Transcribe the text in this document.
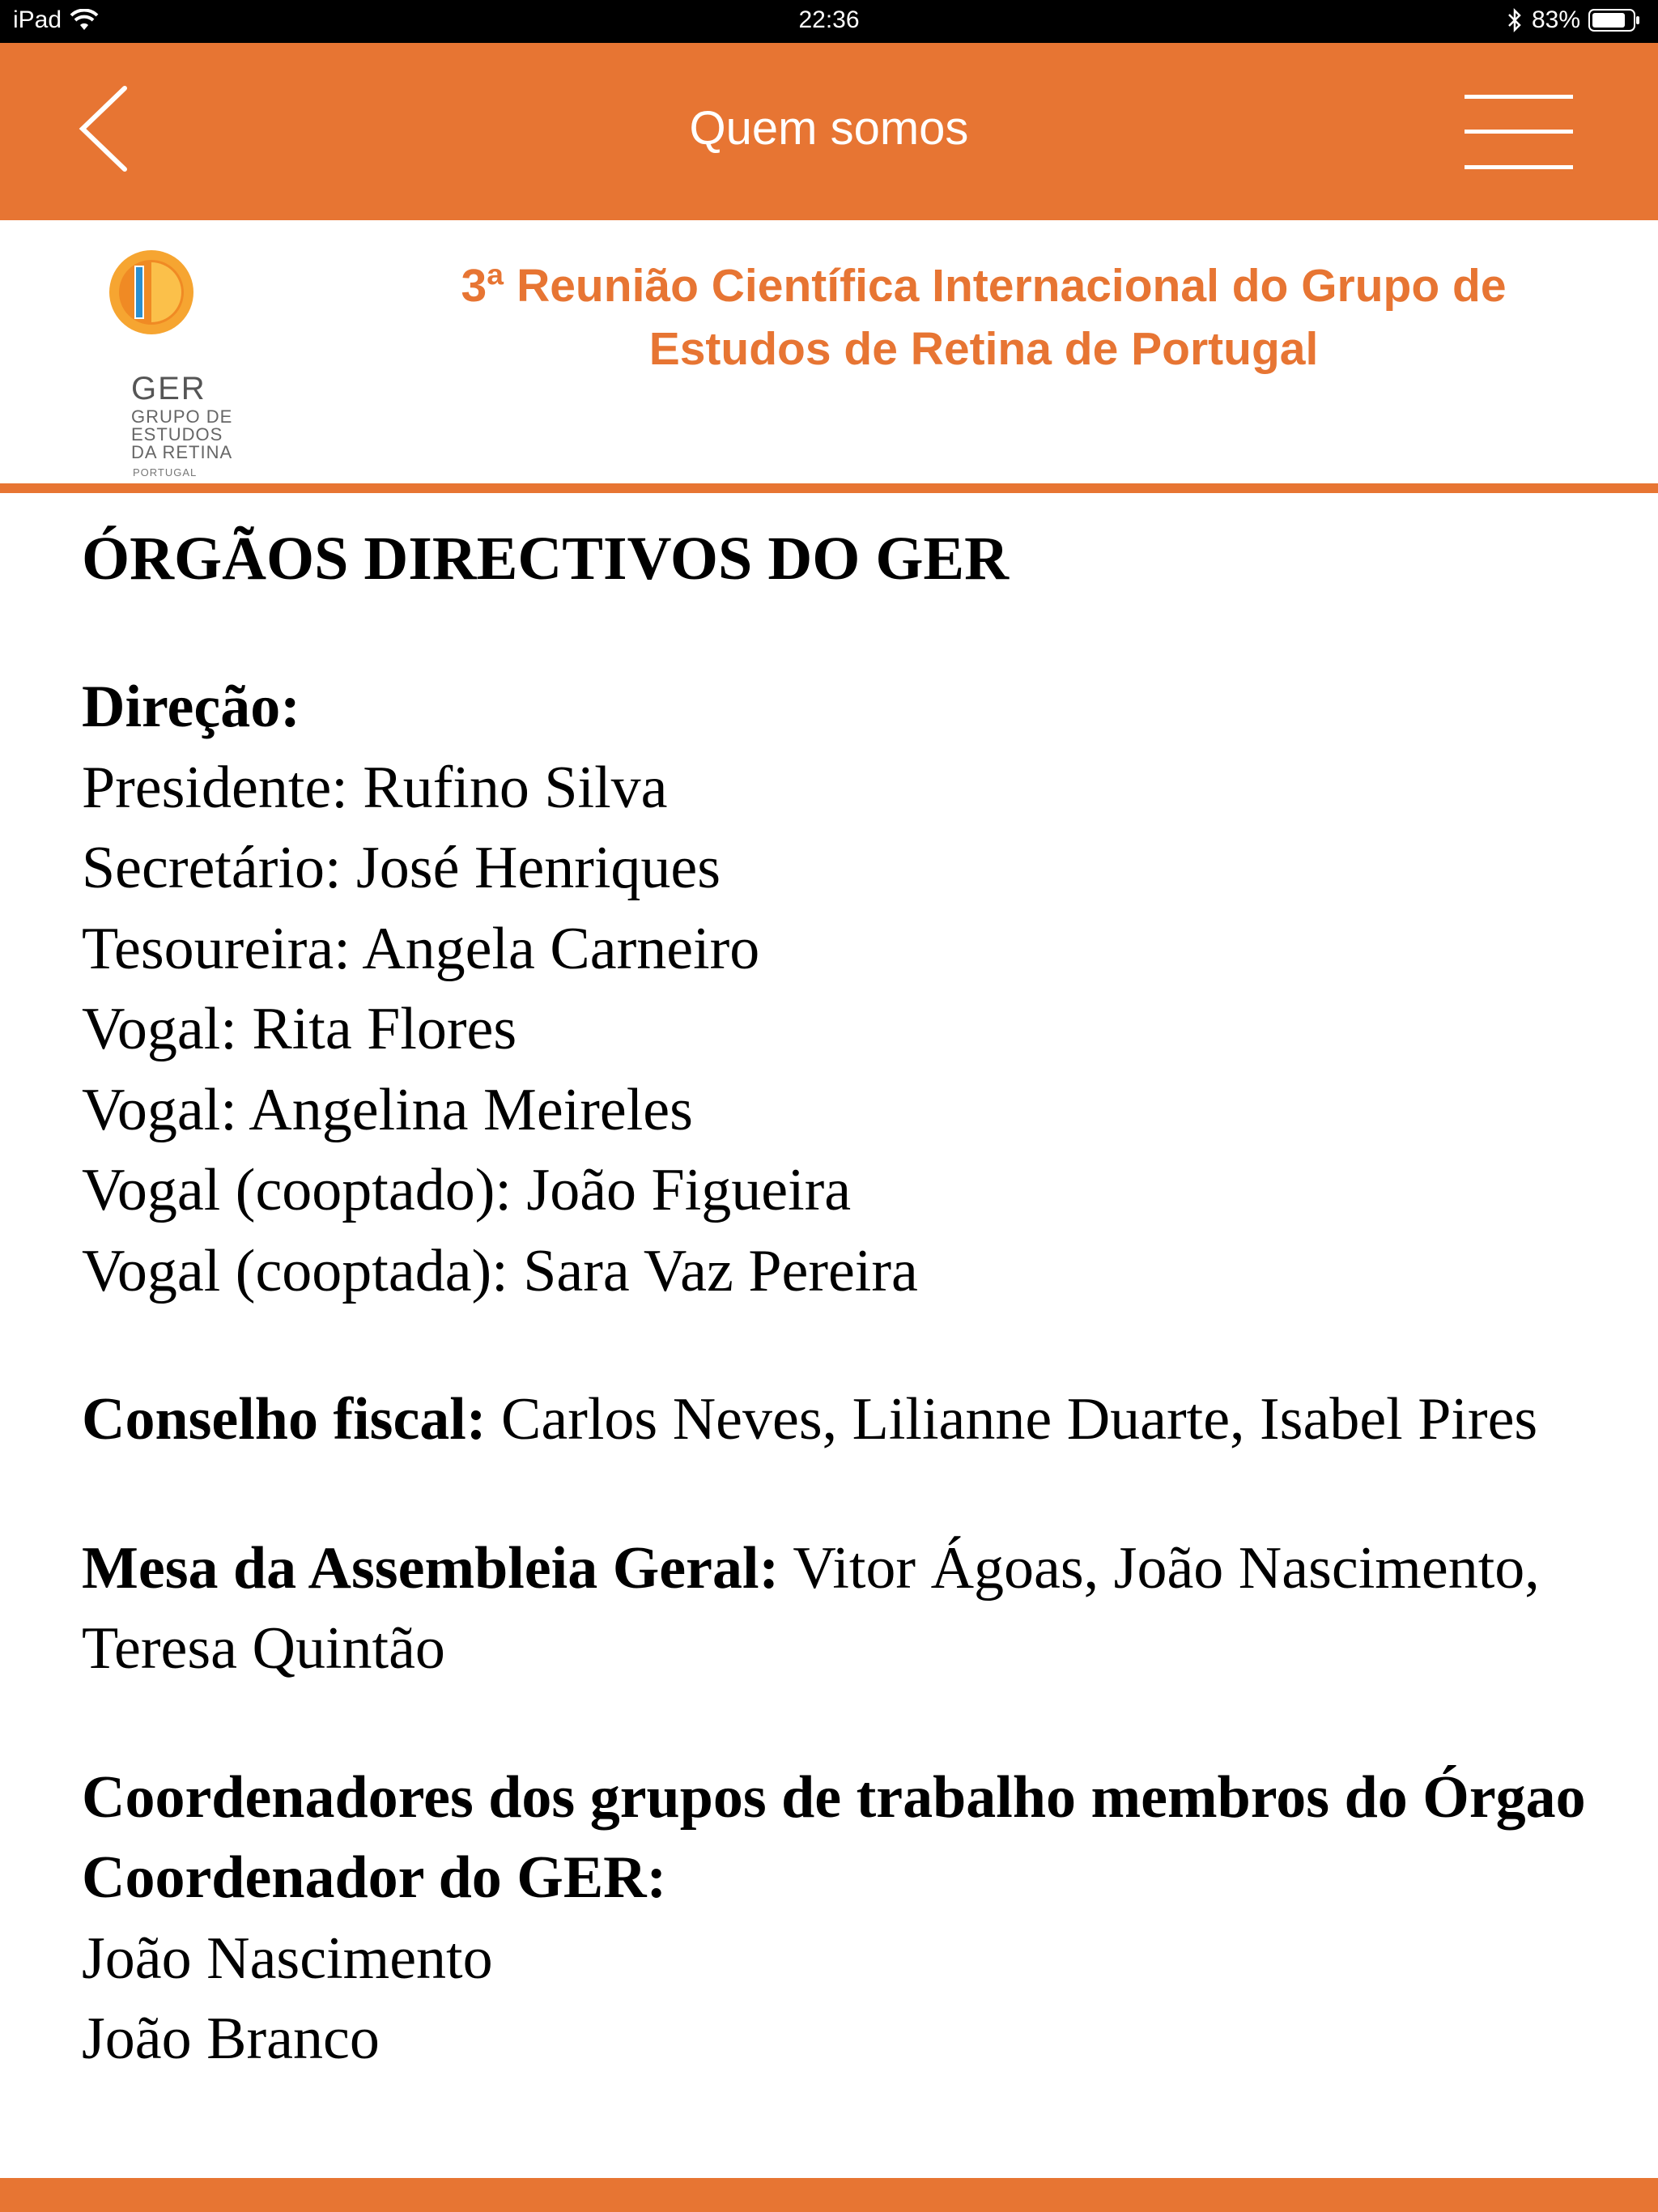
iPad	22:36	83%
Quem somos
GER
GRUPO DE
ESTUDOS
DA RETINA
PORTUGAL
3ª Reunião Científica Internacional do Grupo de Estudos de Retina de Portugal
ÓRGÃOS DIRECTIVOS DO GER
Direção:
Presidente: Rufino Silva
Secretário: José Henriques
Tesoureira: Angela Carneiro
Vogal: Rita Flores
Vogal: Angelina Meireles
Vogal (cooptado): João Figueira
Vogal (cooptada): Sara Vaz Pereira
Conselho fiscal: Carlos Neves, Lilianne Duarte, Isabel Pires
Mesa da Assembleia Geral: Vitor Ágoas, João Nascimento, Teresa Quintão
Coordenadores dos grupos de trabalho membros do Órgao Coordenador do GER:
João Nascimento
João Branco
